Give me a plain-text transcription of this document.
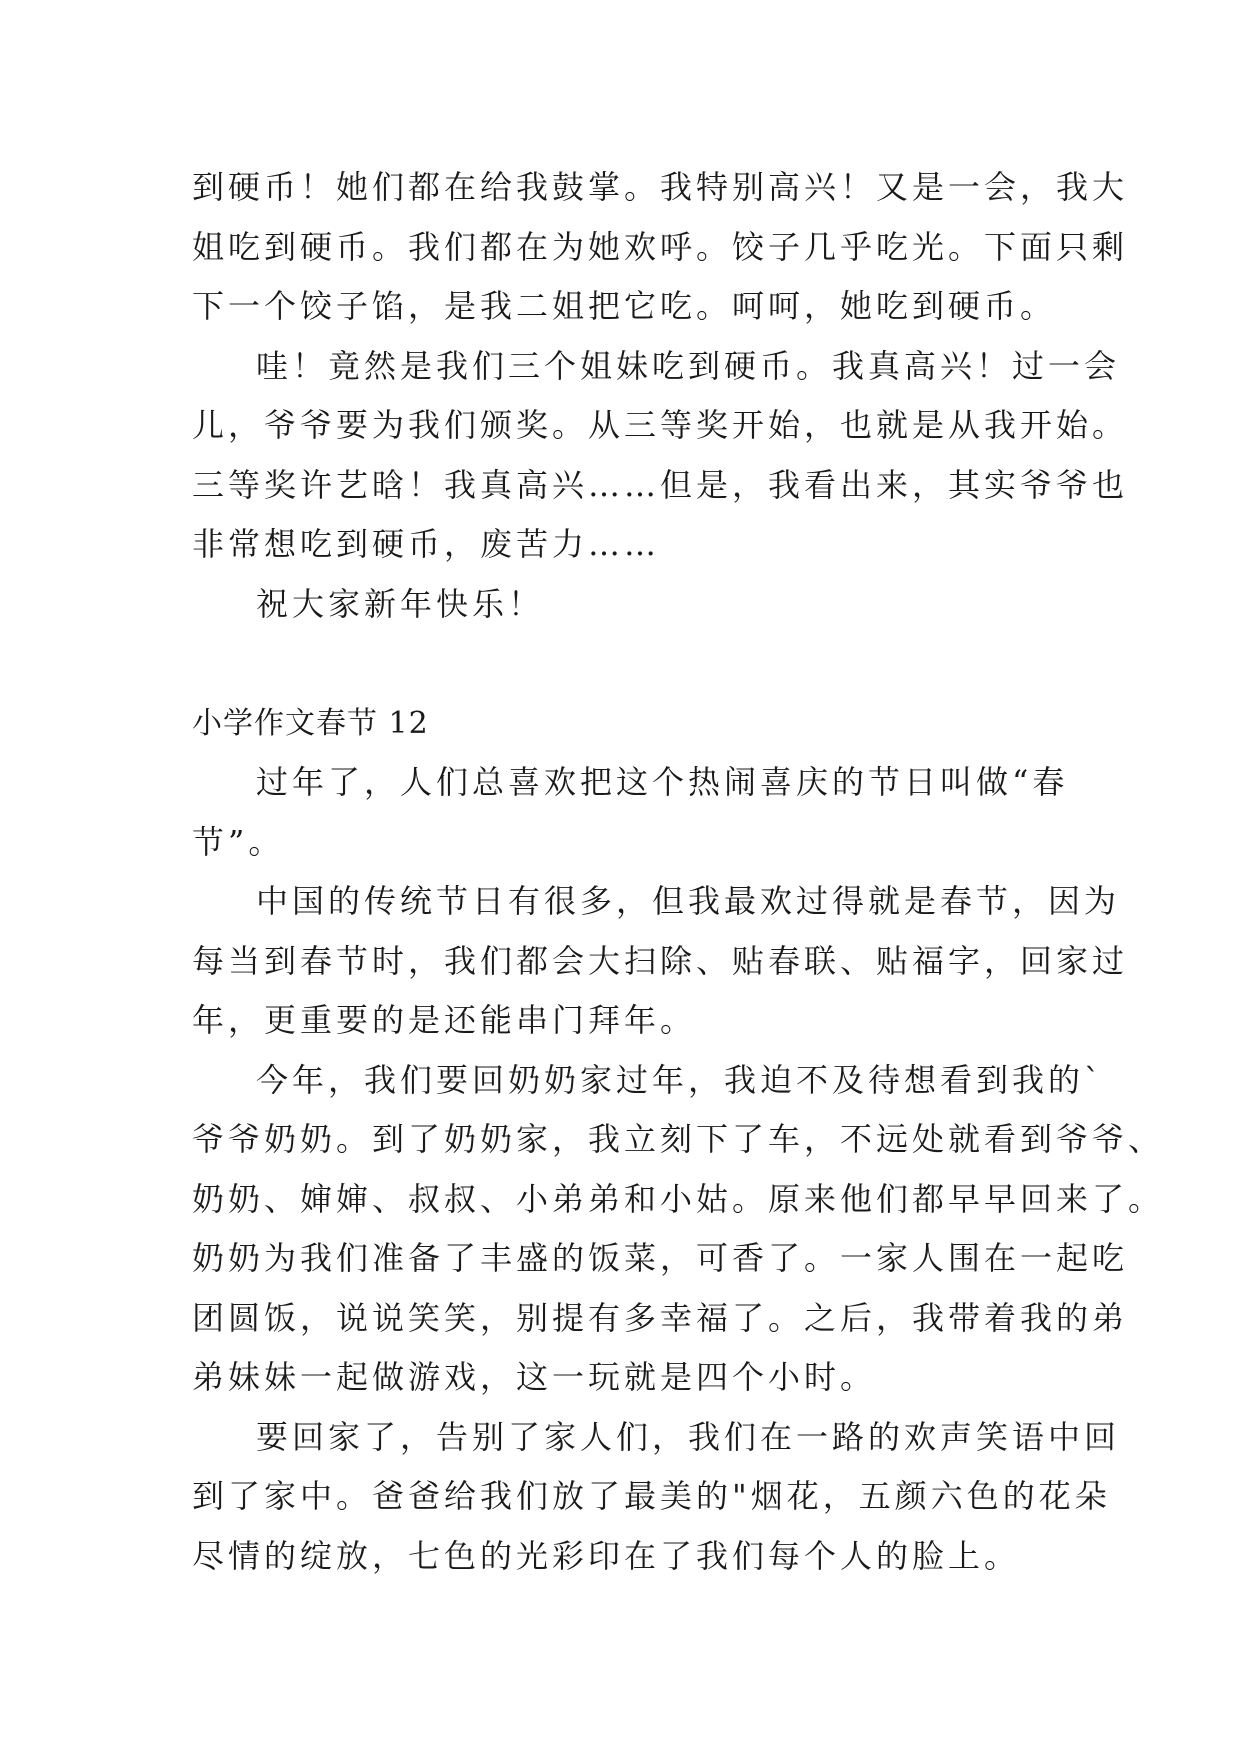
到硬币！她们都在给我鼓掌。我特别高兴！又是一会，我大
姐吃到硬币。我们都在为她欢呼。饺子几乎吃光。下面只剩
下一个饺子馅，是我二姐把它吃。呵呵，她吃到硬币。
哇！竟然是我们三个姐妹吃到硬币。我真高兴！过一会
儿，爷爷要为我们颁奖。从三等奖开始，也就是从我开始。
三等奖许艺晗！我真高兴……但是，我看出来，其实爷爷也
非常想吃到硬币，废苦力……
祝大家新年快乐！
小学作文春节 12
过年了，人们总喜欢把这个热闹喜庆的节日叫做“春
节”。
中国的传统节日有很多，但我最欢过得就是春节，因为
每当到春节时，我们都会大扫除、贴春联、贴福字，回家过
年，更重要的是还能串门拜年。
今年，我们要回奶奶家过年，我迫不及待想看到我的`
爷爷奶奶。到了奶奶家，我立刻下了车，不远处就看到爷爷、
奶奶、婶婶、叔叔、小弟弟和小姑。原来他们都早早回来了。
奶奶为我们准备了丰盛的饭菜，可香了。一家人围在一起吃
团圆饭，说说笑笑，别提有多幸福了。之后，我带着我的弟
弟妹妹一起做游戏，这一玩就是四个小时。
要回家了，告别了家人们，我们在一路的欢声笑语中回
到了家中。爸爸给我们放了最美的"烟花，五颜六色的花朵
尽情的绽放，七色的光彩印在了我们每个人的脸上。
